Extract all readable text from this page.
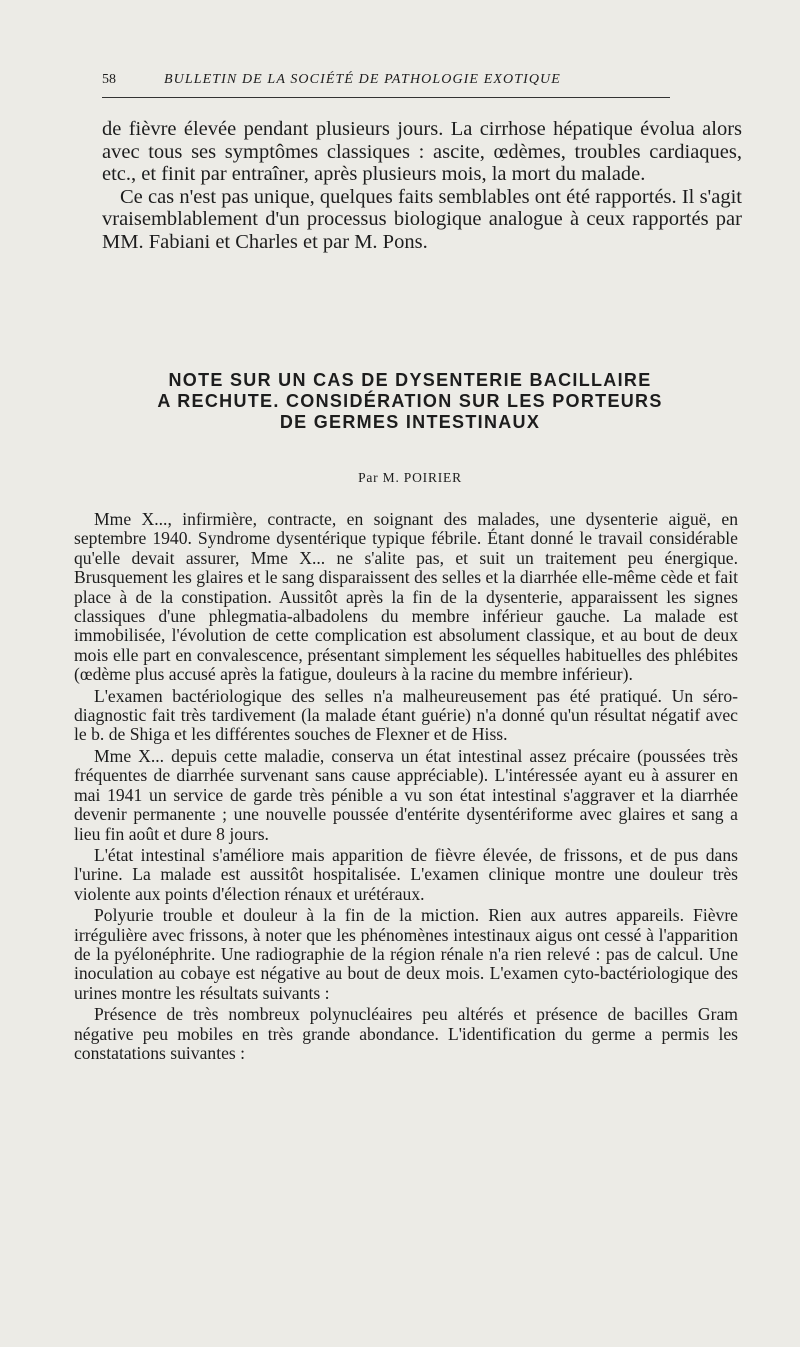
58	BULLETIN DE LA SOCIÉTÉ DE PATHOLOGIE EXOTIQUE

de fièvre élevée pendant plusieurs jours. La cirrhose hépatique évolua alors avec tous ses symptômes classiques : ascite, œdèmes, troubles cardiaques, etc., et finit par entraîner, après plusieurs mois, la mort du malade.

Ce cas n'est pas unique, quelques faits semblables ont été rapportés. Il s'agit vraisemblablement d'un processus biologique analogue à ceux rapportés par MM. Fabiani et Charles et par M. Pons.

NOTE SUR UN CAS DE DYSENTERIE BACILLAIRE
A RECHUTE. CONSIDÉRATION SUR LES PORTEURS
DE GERMES INTESTINAUX
Par M. POIRIER

Mme X..., infirmière, contracte, en soignant des malades, une dysenterie aiguë, en septembre 1940. Syndrome dysentérique typique fébrile. Étant donné le travail considérable qu'elle devait assurer, Mme X... ne s'alite pas, et suit un traitement peu énergique. Brusquement les glaires et le sang disparaissent des selles et la diarrhée elle-même cède et fait place à de la constipation. Aussitôt après la fin de la dysenterie, apparaissent les signes classiques d'une phlegmatia-albadolens du membre inférieur gauche. La malade est immobilisée, l'évolution de cette complication est absolument classique, et au bout de deux mois elle part en convalescence, présentant simplement les séquelles habituelles des phlébites (œdème plus accusé après la fatigue, douleurs à la racine du membre inférieur).

L'examen bactériologique des selles n'a malheureusement pas été pratiqué. Un séro-diagnostic fait très tardivement (la malade étant guérie) n'a donné qu'un résultat négatif avec le b. de Shiga et les différentes souches de Flexner et de Hiss.

Mme X... depuis cette maladie, conserva un état intestinal assez précaire (poussées très fréquentes de diarrhée survenant sans cause appréciable). L'intéressée ayant eu à assurer en mai 1941 un service de garde très pénible a vu son état intestinal s'aggraver et la diarrhée devenir permanente ; une nouvelle poussée d'entérite dysentériforme avec glaires et sang a lieu fin août et dure 8 jours.

L'état intestinal s'améliore mais apparition de fièvre élevée, de frissons, et de pus dans l'urine. La malade est aussitôt hospitalisée. L'examen clinique montre une douleur très violente aux points d'élection rénaux et urétéraux.

Polyurie trouble et douleur à la fin de la miction. Rien aux autres appareils. Fièvre irrégulière avec frissons, à noter que les phénomènes intestinaux aigus ont cessé à l'apparition de la pyélonéphrite. Une radiographie de la région rénale n'a rien relevé : pas de calcul. Une inoculation au cobaye est négative au bout de deux mois. L'examen cyto-bactériologique des urines montre les résultats suivants :

Présence de très nombreux polynucléaires peu altérés et présence de bacilles Gram négative peu mobiles en très grande abondance. L'identification du germe a permis les constatations suivantes :
